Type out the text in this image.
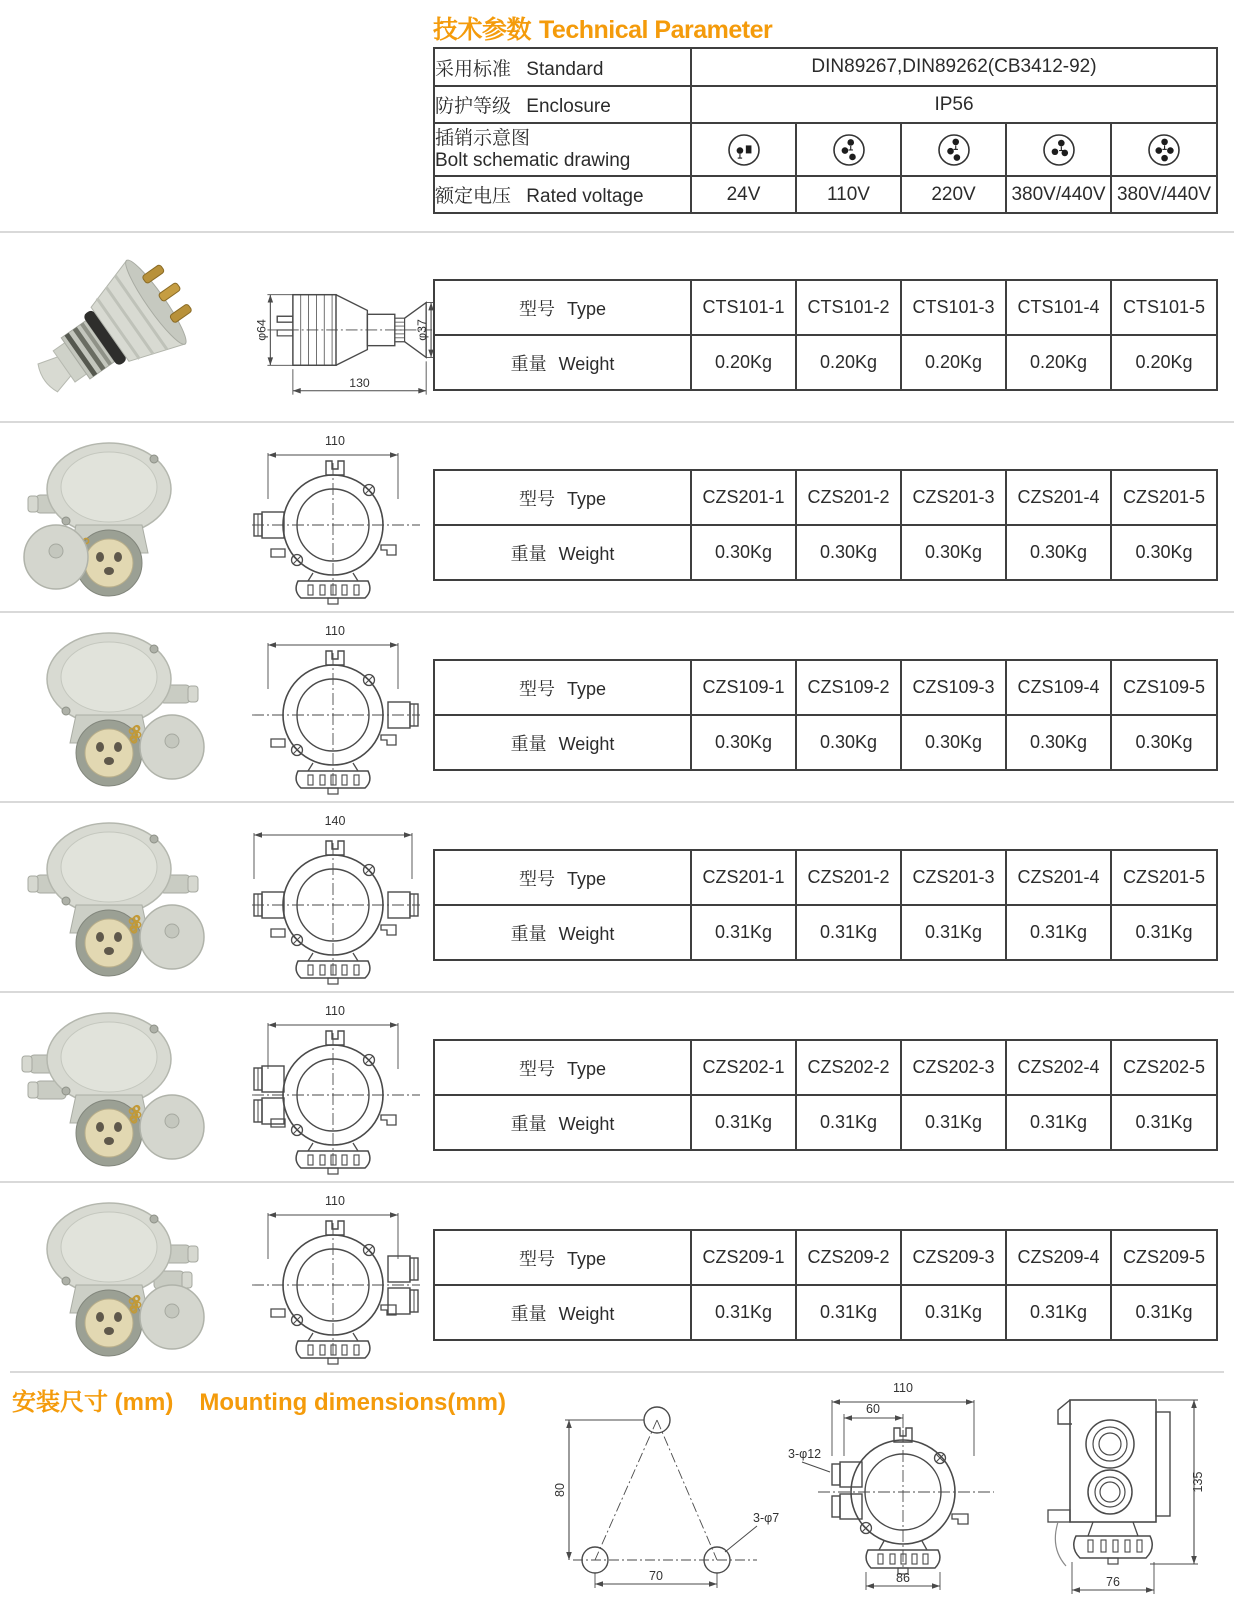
技术参数 Technical Parameter
采用标准 Standard	DIN89267,DIN89262(CB3412-92)				
防护等级 Enclosure	IP56				
插销示意图
Bolt schematic drawing	

额定电压 Rated voltage	24V	110V	220V	380V/440V	380V/440V
φ64	φ37
130
型号 Type	CTS101-1	CTS101-2	CTS101-3	CTS101-4	CTS101-5
重量 Weight	0.20Kg	0.20Kg	0.20Kg	0.20Kg	0.20Kg
110
型号 Type	CZS201-1	CZS201-2	CZS201-3	CZS201-4	CZS201-5
重量 Weight	0.30Kg	0.30Kg	0.30Kg	0.30Kg	0.30Kg
110
型号 Type	CZS109-1	CZS109-2	CZS109-3	CZS109-4	CZS109-5
重量 Weight	0.30Kg	0.30Kg	0.30Kg	0.30Kg	0.30Kg
140
型号 Type	CZS201-1	CZS201-2	CZS201-3	CZS201-4	CZS201-5
重量 Weight	0.31Kg	0.31Kg	0.31Kg	0.31Kg	0.31Kg
110
型号 Type	CZS202-1	CZS202-2	CZS202-3	CZS202-4	CZS202-5
重量 Weight	0.31Kg	0.31Kg	0.31Kg	0.31Kg	0.31Kg
110
型号 Type	CZS209-1	CZS209-2	CZS209-3	CZS209-4	CZS209-5
重量 Weight	0.31Kg	0.31Kg	0.31Kg	0.31Kg	0.31Kg
安装尺寸 (mm) Mounting dimensions(mm)
80
70
3-φ7
110
60
86
3-φ12
135
76
